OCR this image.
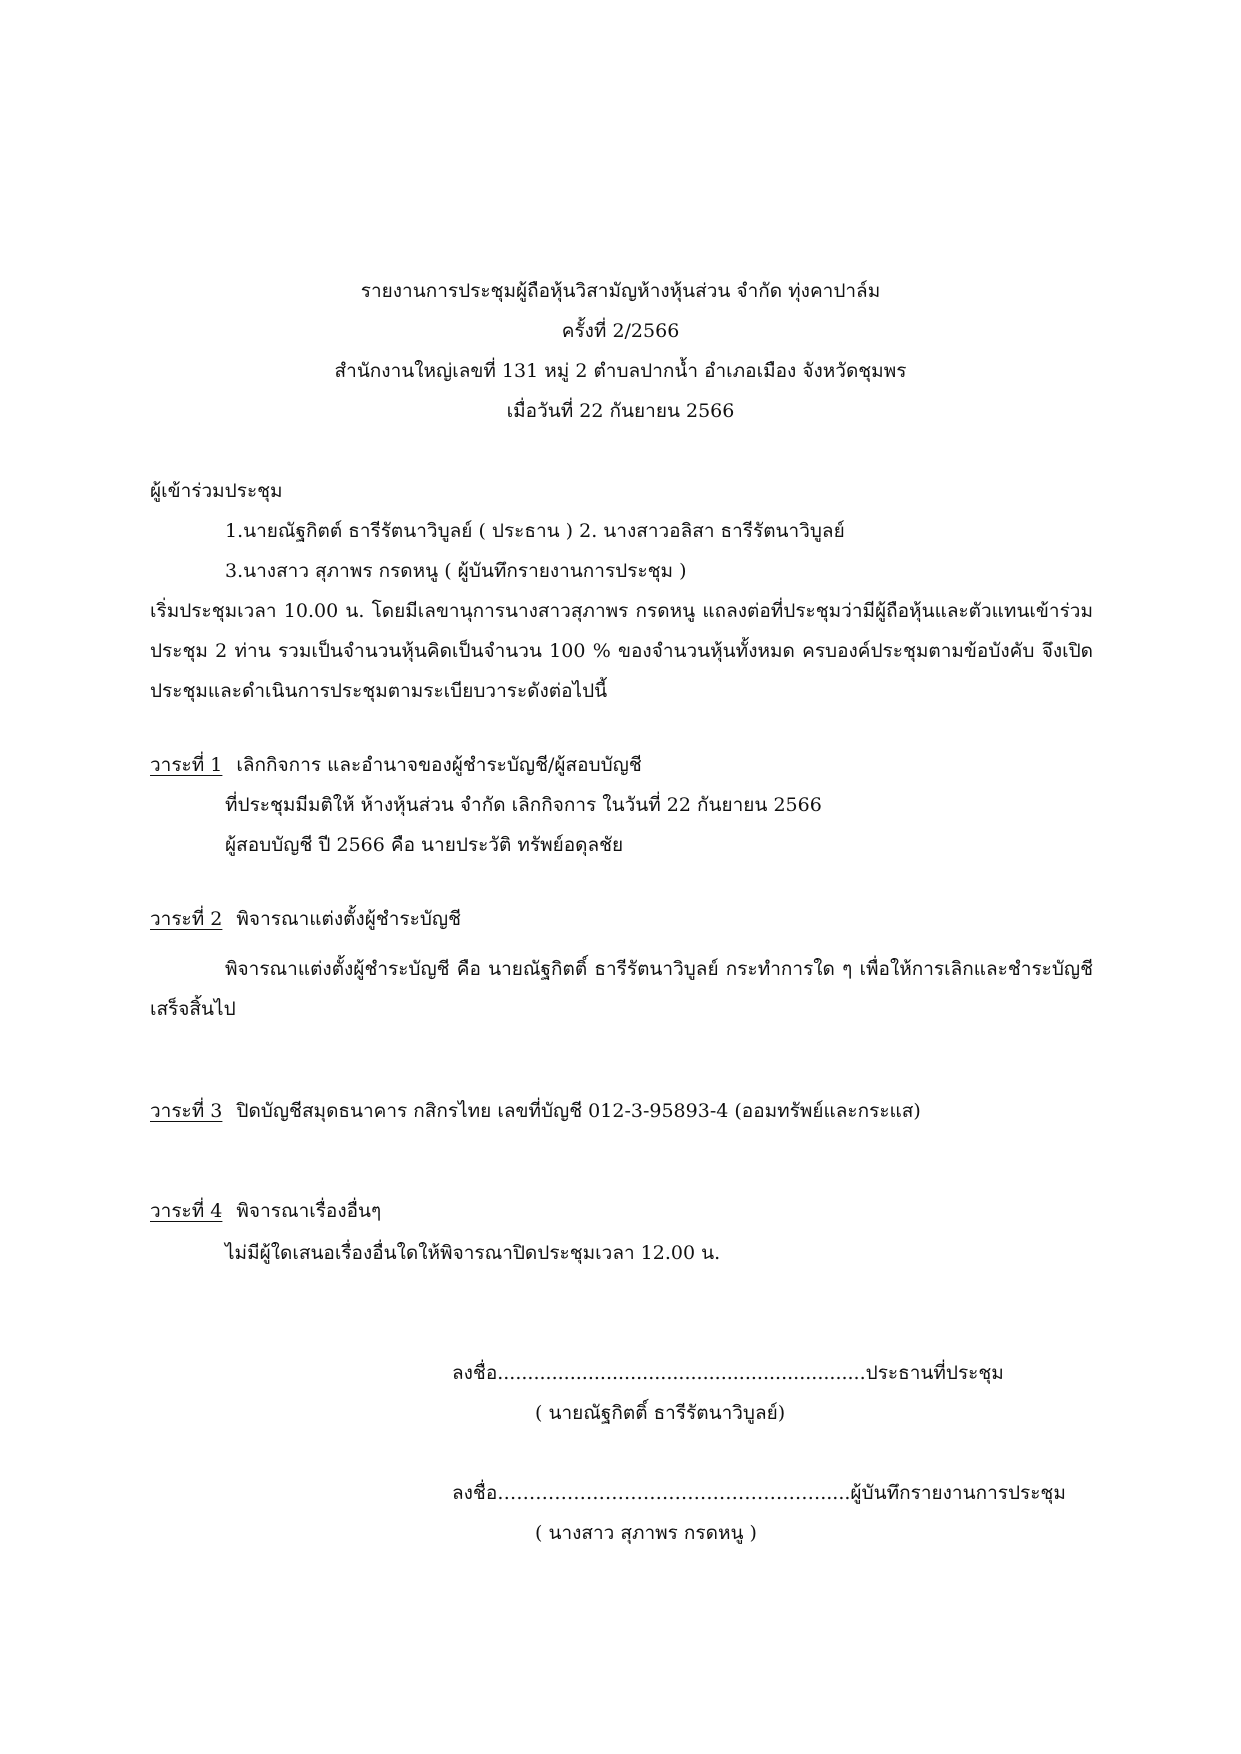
รายงานการประชุมผู้ถือหุ้นวิสามัญห้างหุ้นส่วน จำกัด ทุ่งคาปาล์ม
ครั้งที่ 2/2566
สำนักงานใหญ่เลขที่ 131 หมู่ 2 ตำบลปากน้ำ อำเภอเมือง จังหวัดชุมพร
เมื่อวันที่ 22 กันยายน 2566
ผู้เข้าร่วมประชุม
1.นายณัฐกิตต์ ธารีรัตนาวิบูลย์ ( ประธาน ) 2. นางสาวอลิสา ธารีรัตนาวิบูลย์
3.นางสาว สุภาพร กรดหนู ( ผู้บันทึกรายงานการประชุม )
เริ่มประชุมเวลา 10.00 น. โดยมีเลขานุการนางสาวสุภาพร กรดหนู แถลงต่อที่ประชุมว่ามีผู้ถือหุ้นและตัวแทนเข้าร่วม
ประชุม 2 ท่าน รวมเป็นจำนวนหุ้นคิดเป็นจำนวน 100 % ของจำนวนหุ้นทั้งหมด ครบองค์ประชุมตามข้อบังคับ จึงเปิด
ประชุมและดำเนินการประชุมตามระเบียบวาระดังต่อไปนี้
วาระที่ 1 เลิกกิจการ และอำนาจของผู้ชำระบัญชี/ผู้สอบบัญชี
ที่ประชุมมีมติให้ ห้างหุ้นส่วน จำกัด เลิกกิจการ ในวันที่ 22 กันยายน 2566
ผู้สอบบัญชี ปี 2566 คือ นายประวัติ ทรัพย์อดุลชัย
วาระที่ 2 พิจารณาแต่งตั้งผู้ชำระบัญชี
พิจารณาแต่งตั้งผู้ชำระบัญชี คือ นายณัฐกิตติ์ ธารีรัตนาวิบูลย์ กระทำการใด ๆ เพื่อให้การเลิกและชำระบัญชี
เสร็จสิ้นไป
วาระที่ 3 ปิดบัญชีสมุดธนาคาร กสิกรไทย เลขที่บัญชี 012-3-95893-4 (ออมทรัพย์และกระแส)
วาระที่ 4 พิจารณาเรื่องอื่นๆ
ไม่มีผู้ใดเสนอเรื่องอื่นใดให้พิจารณาปิดประชุมเวลา 12.00 น.
ลงชื่อ.............................................................ประธานที่ประชุม
( นายณัฐกิตติ์ ธารีรัตนาวิบูลย์)
ลงชื่อ…………………………………………….....ผู้บันทึกรายงานการประชุม
( นางสาว สุภาพร กรดหนู )
